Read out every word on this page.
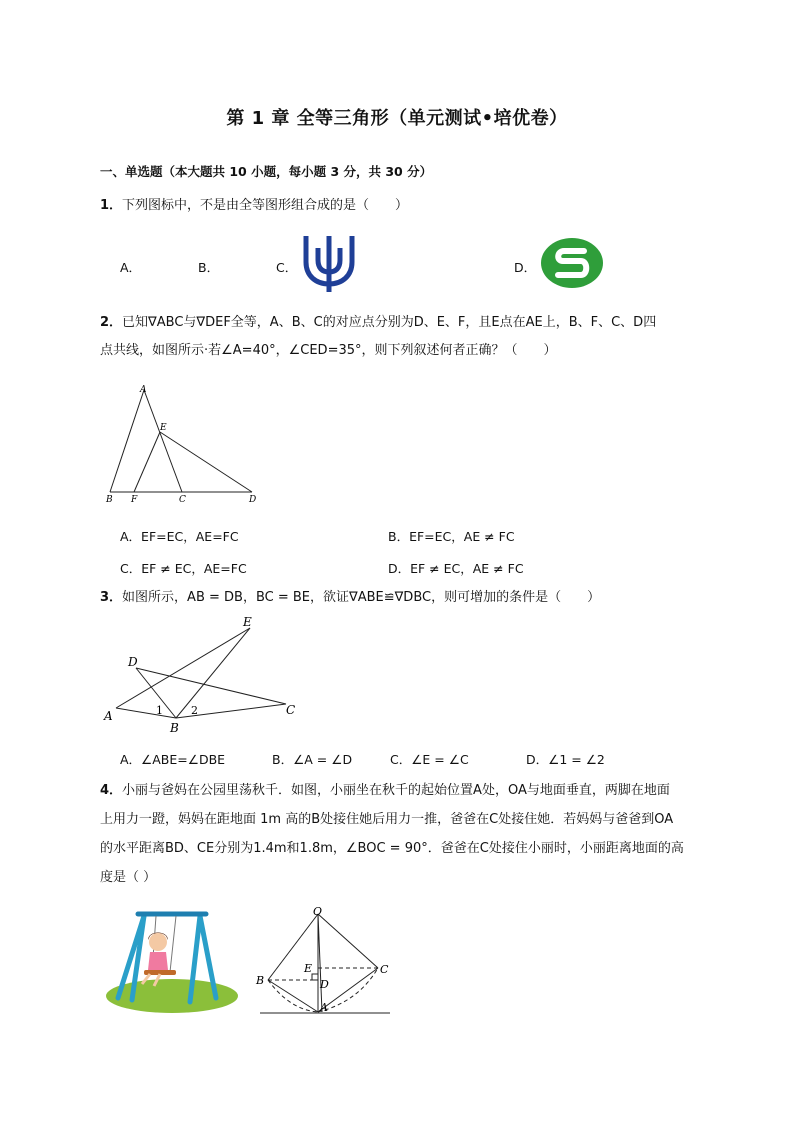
第 1 章 全等三角形（单元测试•培优卷）
一、单选题（本大题共 10 小题，每小题 3 分，共 30 分）
1．下列图标中，不是由全等图形组合成的是（　　）
A．	B．	C．	D．
2．已知∇ABC与∇DEF全等，A、B、C的对应点分别为D、E、F，且E点在AE上，B、F、C、D四
点共线，如图所示·若∠A=40°，∠CED=35°，则下列叙述何者正确？（　　）
A
E
B F	C	D
A．EF=EC，AE=FC	B．EF=EC，AE ≠ FC
C．EF ≠ EC，AE=FC	D．EF ≠ EC，AE ≠ FC
3．如图所示，AB = DB，BC = BE，欲证∇ABE≌∇DBC，则可增加的条件是（　　）
E
D
A	1	2
B
C
A．∠ABE=∠DBE	B．∠A = ∠D	C．∠E = ∠C	D．∠1 = ∠2
4．小丽与爸妈在公园里荡秋千．如图，小丽坐在秋千的起始位置A处，OA与地面垂直，两脚在地面
上用力一蹬，妈妈在距地面 1m 高的B处接住她后用力一推，爸爸在C处接住她．若妈妈与爸爸到OA
的水平距离BD、CE分别为1.4m和1.8m，∠BOC = 90°．爸爸在C处接住小丽时，小丽距离地面的高
度是（ ）
O
E	C
B	D
A
